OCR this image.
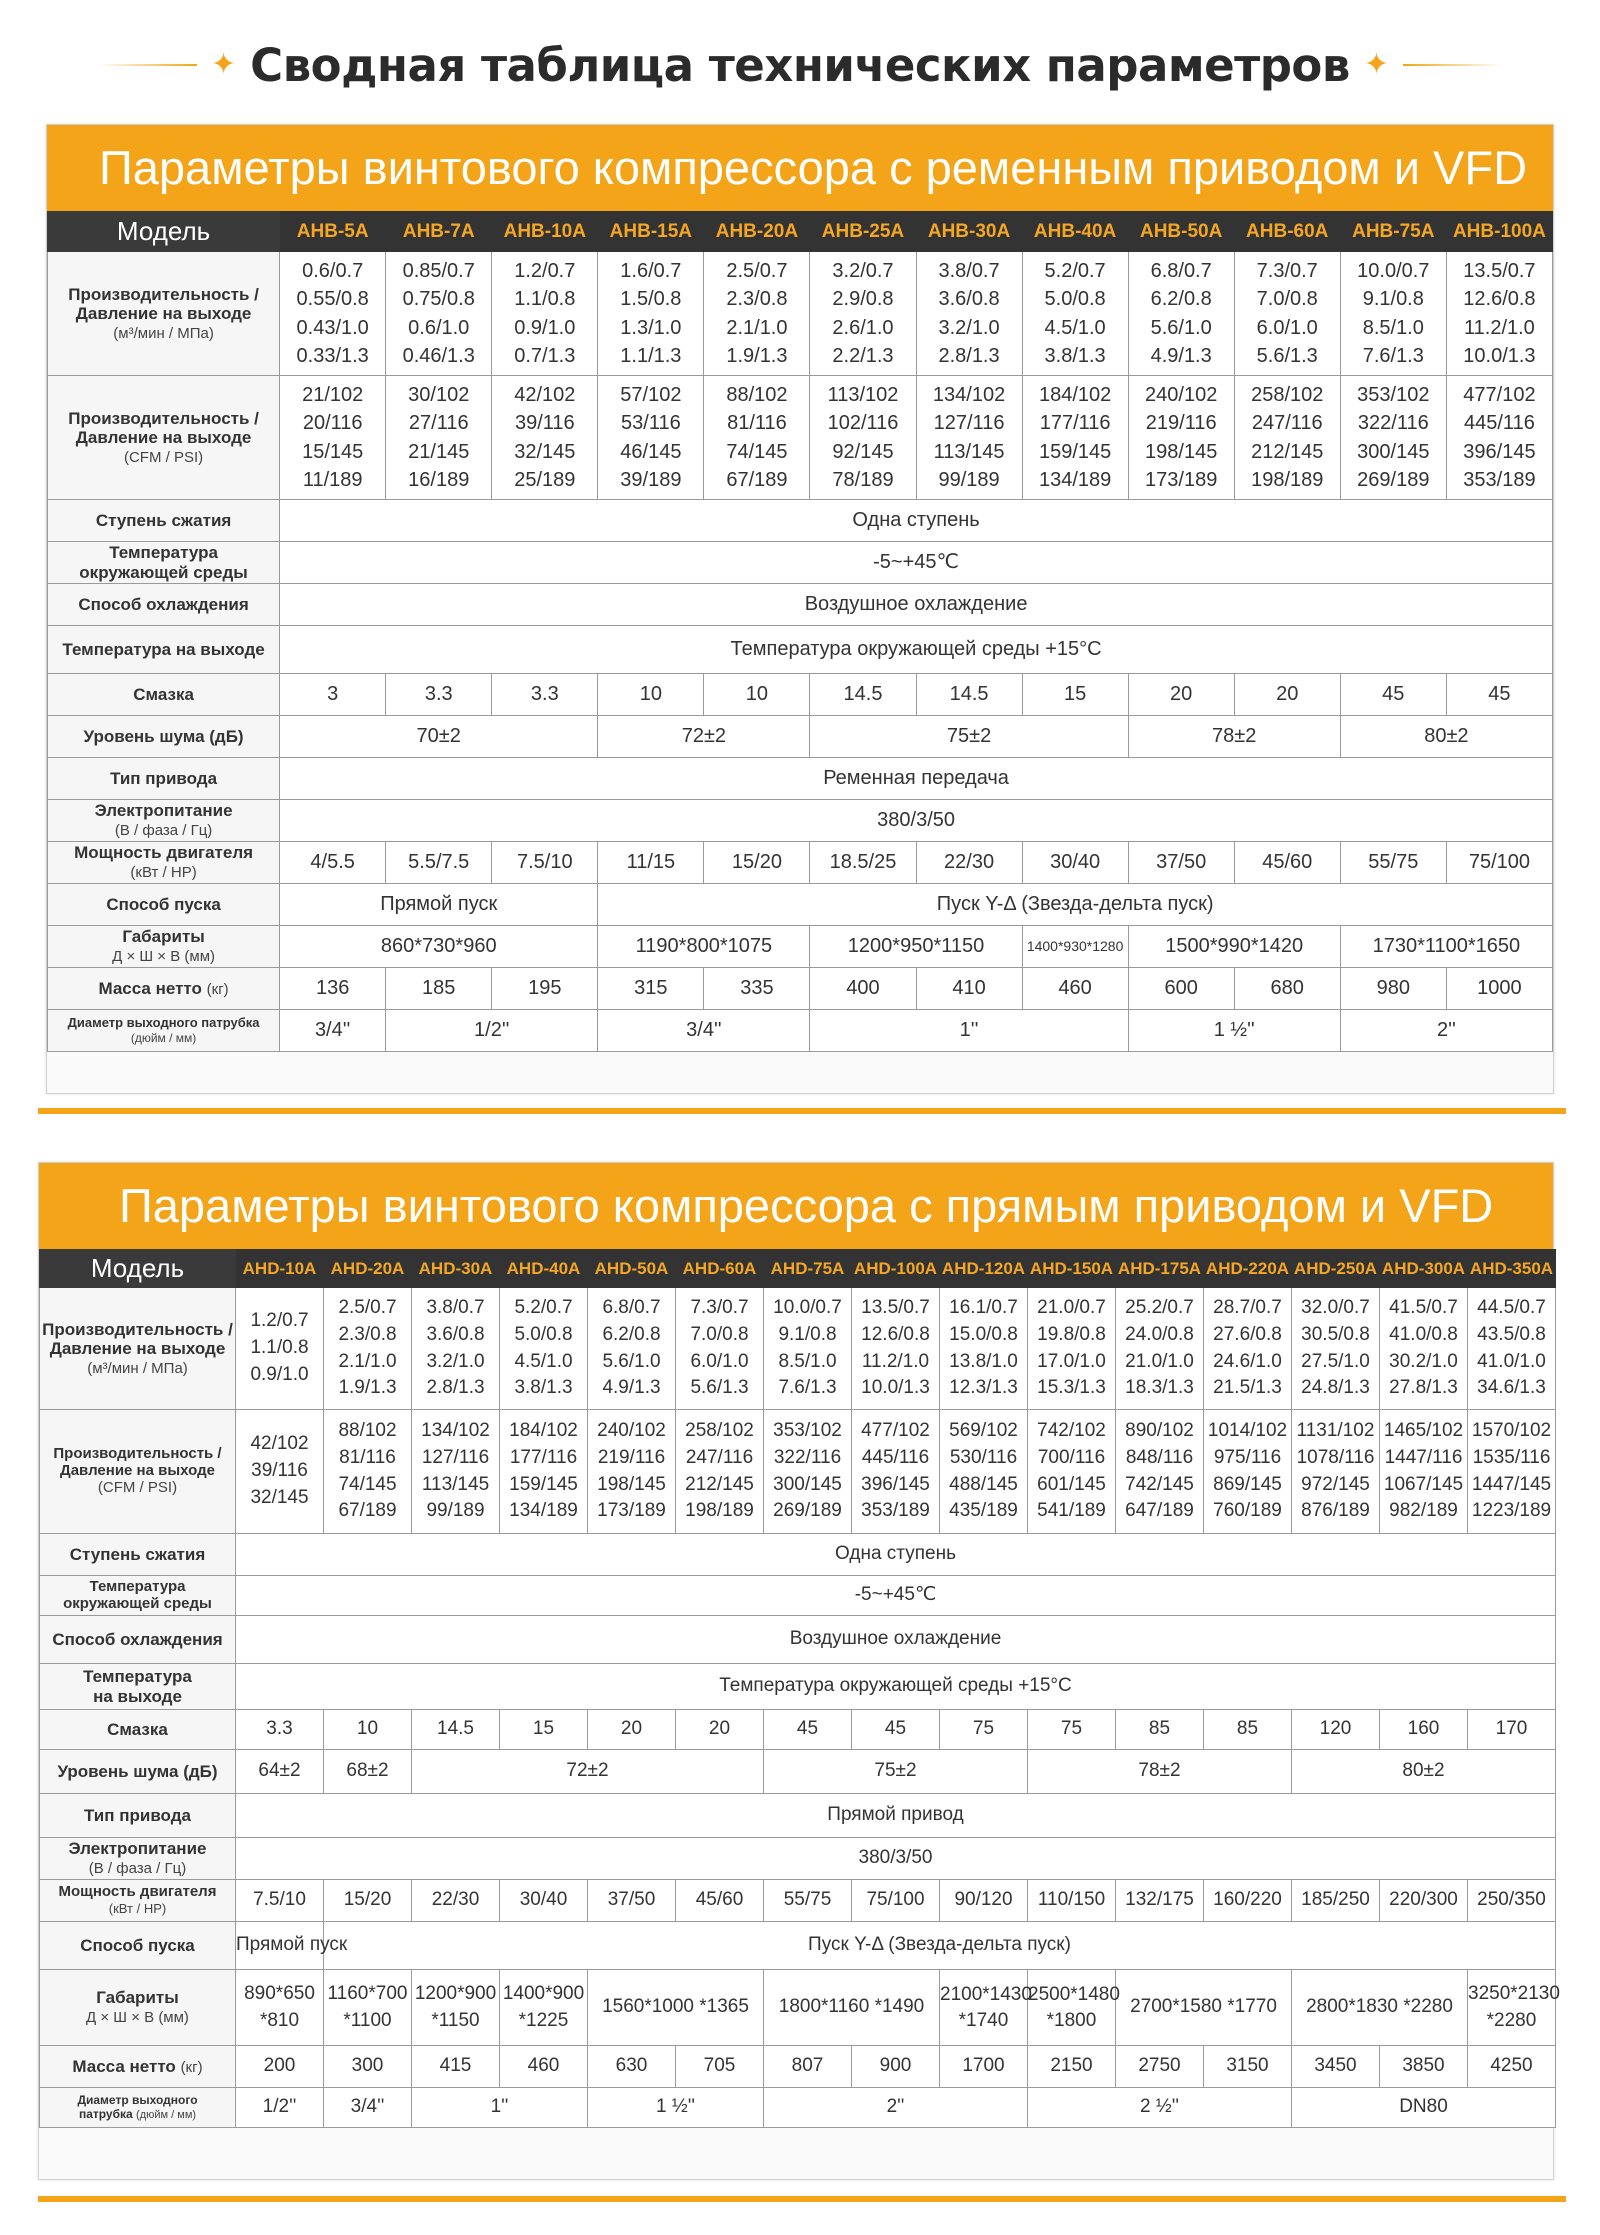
✦ Сводная таблица технических параметров ✦
Параметры винтового компрессора с ременным приводом и VFD
Модель	AHB-5A	AHB-7A	AHB-10A	AHB-15A	AHB-20A	AHB-25A	AHB-30A	AHB-40A	AHB-50A	AHB-60A	AHB-75A	AHB-100A
Производительность /
Давление на выходе
(м³/мин / МПа)	0.6/0.7
0.55/0.8
0.43/1.0
0.33/1.3	0.85/0.7
0.75/0.8
0.6/1.0
0.46/1.3	1.2/0.7
1.1/0.8
0.9/1.0
0.7/1.3	1.6/0.7
1.5/0.8
1.3/1.0
1.1/1.3	2.5/0.7
2.3/0.8
2.1/1.0
1.9/1.3	3.2/0.7
2.9/0.8
2.6/1.0
2.2/1.3	3.8/0.7
3.6/0.8
3.2/1.0
2.8/1.3	5.2/0.7
5.0/0.8
4.5/1.0
3.8/1.3	6.8/0.7
6.2/0.8
5.6/1.0
4.9/1.3	7.3/0.7
7.0/0.8
6.0/1.0
5.6/1.3	10.0/0.7
9.1/0.8
8.5/1.0
7.6/1.3	13.5/0.7
12.6/0.8
11.2/1.0
10.0/1.3
Производительность /
Давление на выходе
(CFM / PSI)	21/102
20/116
15/145
11/189	30/102
27/116
21/145
16/189	42/102
39/116
32/145
25/189	57/102
53/116
46/145
39/189	88/102
81/116
74/145
67/189	113/102
102/116
92/145
78/189	134/102
127/116
113/145
99/189	184/102
177/116
159/145
134/189	240/102
219/116
198/145
173/189	258/102
247/116
212/145
198/189	353/102
322/116
300/145
269/189	477/102
445/116
396/145
353/189
Ступень сжатия	Одна ступень											
Температура
окружающей среды	-5~+45℃											
Способ охлаждения	Воздушное охлаждение											
Температура на выходе	Температура окружающей среды +15°C											
Смазка	3	3.3	3.3	10	10	14.5	14.5	15	20	20	45	45
Уровень шума (дБ)	70±2			72±2		75±2			78±2		80±2	
Тип привода	Ременная передача											
Электропитание
(В / фаза / Гц)	380/3/50											
Мощность двигателя
(кВт / HP)	4/5.5	5.5/7.5	7.5/10	11/15	15/20	18.5/25	22/30	30/40	37/50	45/60	55/75	75/100
Способ пуска	Прямой пуск			Пуск Y-Δ (Звезда-дельта пуск)								
Габариты
Д × Ш × В (мм)	860*730*960			1190*800*1075		1200*950*1150		1400*930*1280	1500*990*1420		1730*1100*1650	
Масса нетто (кг)	136	185	195	315	335	400	410	460	600	680	980	1000
Диаметр выходного патрубка
(дюйм / мм)	3/4''	1/2''		3/4''		1''			1 ½''		2''	
Параметры винтового компрессора с прямым приводом и VFD
Модель	AHD-10A	AHD-20A	AHD-30A	AHD-40A	AHD-50A	AHD-60A	AHD-75A	AHD-100A	AHD-120A	AHD-150A	AHD-175A	AHD-220A	AHD-250A	AHD-300A	AHD-350A
Производительность /
Давление на выходе
(м³/мин / МПа)	1.2/0.7
1.1/0.8
0.9/1.0	2.5/0.7
2.3/0.8
2.1/1.0
1.9/1.3	3.8/0.7
3.6/0.8
3.2/1.0
2.8/1.3	5.2/0.7
5.0/0.8
4.5/1.0
3.8/1.3	6.8/0.7
6.2/0.8
5.6/1.0
4.9/1.3	7.3/0.7
7.0/0.8
6.0/1.0
5.6/1.3	10.0/0.7
9.1/0.8
8.5/1.0
7.6/1.3	13.5/0.7
12.6/0.8
11.2/1.0
10.0/1.3	16.1/0.7
15.0/0.8
13.8/1.0
12.3/1.3	21.0/0.7
19.8/0.8
17.0/1.0
15.3/1.3	25.2/0.7
24.0/0.8
21.0/1.0
18.3/1.3	28.7/0.7
27.6/0.8
24.6/1.0
21.5/1.3	32.0/0.7
30.5/0.8
27.5/1.0
24.8/1.3	41.5/0.7
41.0/0.8
30.2/1.0
27.8/1.3	44.5/0.7
43.5/0.8
41.0/1.0
34.6/1.3
Производительность /
Давление на выходе
(CFM / PSI)	42/102
39/116
32/145	88/102
81/116
74/145
67/189	134/102
127/116
113/145
99/189	184/102
177/116
159/145
134/189	240/102
219/116
198/145
173/189	258/102
247/116
212/145
198/189	353/102
322/116
300/145
269/189	477/102
445/116
396/145
353/189	569/102
530/116
488/145
435/189	742/102
700/116
601/145
541/189	890/102
848/116
742/145
647/189	1014/102
975/116
869/145
760/189	1131/102
1078/116
972/145
876/189	1465/102
1447/116
1067/145
982/189	1570/102
1535/116
1447/145
1223/189
Ступень сжатия	Одна ступень														
Температура
окружающей среды	-5~+45℃														
Способ охлаждения	Воздушное охлаждение														
Температура
на выходе	Температура окружающей среды +15°C														
Смазка	3.3	10	14.5	15	20	20	45	45	75	75	85	85	120	160	170
Уровень шума (дБ)	64±2	68±2	72±2				75±2			78±2			80±2		
Тип привода	Прямой привод														
Электропитание
(В / фаза / Гц)	380/3/50														
Мощность двигателя
(кВт / HP)	7.5/10	15/20	22/30	30/40	37/50	45/60	55/75	75/100	90/120	110/150	132/175	160/220	185/250	220/300	250/350
Способ пуска	Прямой пуск	Пуск Y-Δ (Звезда-дельта пуск)													
Габариты
Д × Ш × В (мм)	890*650 *810	1160*700 *1100	1200*900 *1150	1400*900 *1225	1560*1000 *1365		1800*1160 *1490		2100*1430 *1740	2500*1480 *1800	2700*1580 *1770		2800*1830 *2280		3250*2130 *2280
Масса нетто (кг)	200	300	415	460	630	705	807	900	1700	2150	2750	3150	3450	3850	4250
Диаметр выходного
патрубка (дюйм / мм)	1/2''	3/4''	1''		1 ½''		2''			2 ½''			DN80		
